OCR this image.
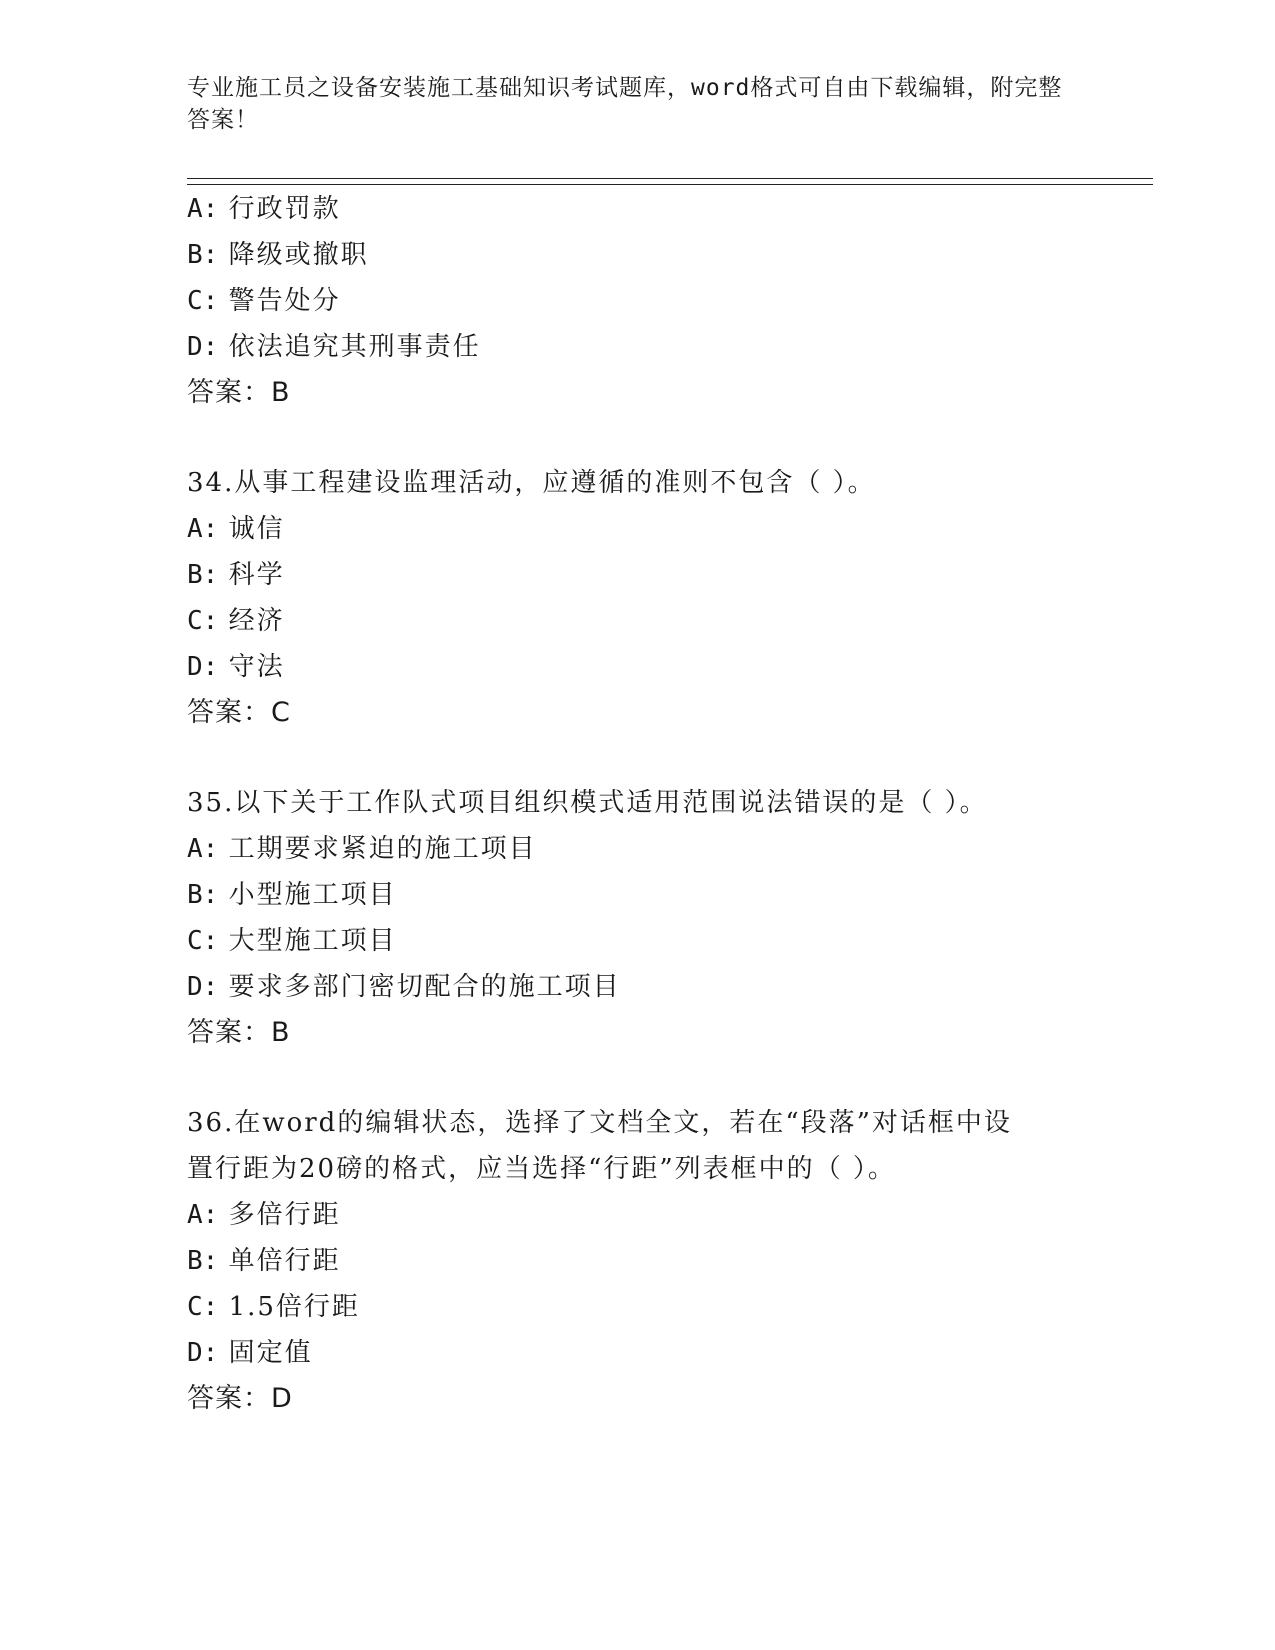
专业施工员之设备安装施工基础知识考试题库，word格式可自由下载编辑，附完整答案！
A: 行政罚款
B: 降级或撤职
C: 警告处分
D: 依法追究其刑事责任
答案：B
34.从事工程建设监理活动，应遵循的准则不包含（ ）。
A: 诚信
B: 科学
C: 经济
D: 守法
答案：C
35.以下关于工作队式项目组织模式适用范围说法错误的是（ ）。
A: 工期要求紧迫的施工项目
B: 小型施工项目
C: 大型施工项目
D: 要求多部门密切配合的施工项目
答案：B
36.在word的编辑状态，选择了文档全文，若在“段落”对话框中设
置行距为20磅的格式，应当选择“行距”列表框中的（ ）。
A: 多倍行距
B: 单倍行距
C: 1.5倍行距
D: 固定值
答案：D
